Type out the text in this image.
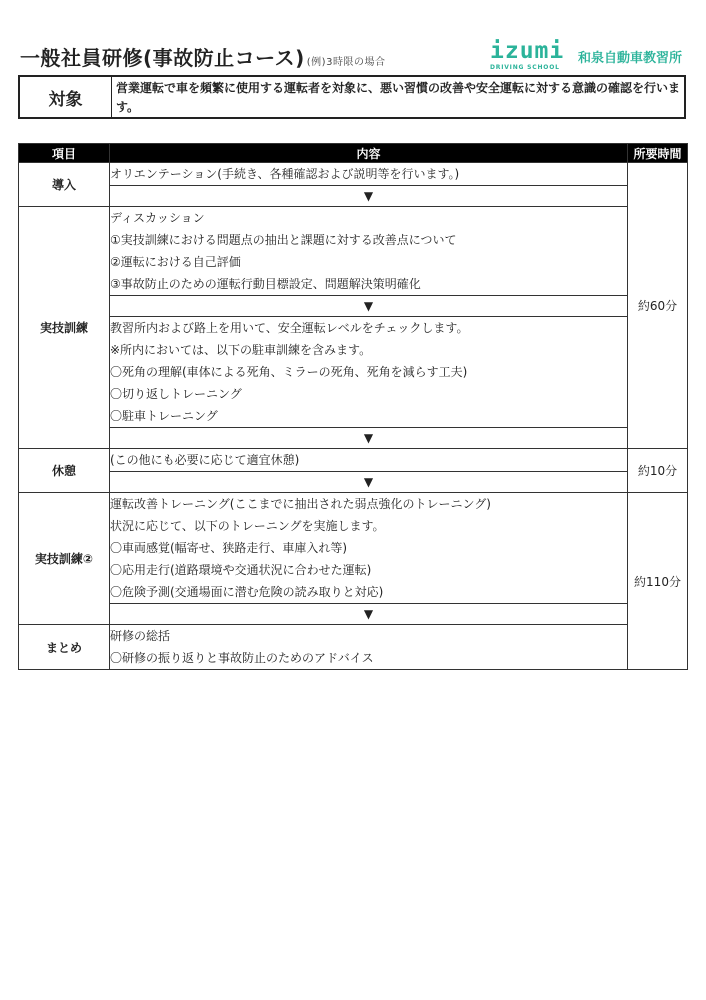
一般社員研修(事故防止コース) (例)3時限の場合	izumi
DRIVING SCHOOL
和泉自動車教習所
対象
営業運転で車を頻繁に使用する運転者を対象に、悪い習慣の改善や安全運転に対する意識の確認を行います。
項目	内容	所要時間
導入	オリエンテーション(手続き、各種確認および説明等を行います。)	約60分
	▼	
実技訓練	ディスカッション
①実技訓練における問題点の抽出と課題に対する改善点について
②運転における自己評価
③事故防止のための運転行動目標設定、問題解決策明確化	

	▼	

	教習所内および路上を用いて、安全運転レベルをチェックします。
※所内においては、以下の駐車訓練を含みます。
〇死角の理解(車体による死角、ミラーの死角、死角を減らす工夫)
〇切り返しトレーニング
〇駐車トレーニング	

	▼	
休憩	(この他にも必要に応じて適宜休憩)	約10分
	▼	
実技訓練②	運転改善トレーニング(ここまでに抽出された弱点強化のトレーニング)
状況に応じて、以下のトレーニングを実施します。
〇車両感覚(幅寄せ、狭路走行、車庫入れ等)
〇応用走行(道路環境や交通状況に合わせた運転)
〇危険予測(交通場面に潜む危険の読み取りと対応)	約110分
	▼	
まとめ	研修の総括
〇研修の振り返りと事故防止のためのアドバイス	
